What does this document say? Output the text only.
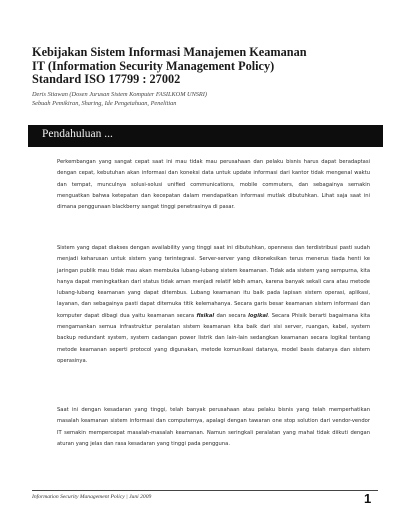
Kebijakan Sistem Informasi Manajemen Keamanan
IT (Information Security Management Policy)
Standard ISO 17799 : 27002
Deris Stiawan (Dosen Jurusan Sistem Komputer FASILKOM UNSRI)
Sebuah Pemikiran, Sharing, Ide Pengetahuan, Penelitian
Pendahuluan ...
Perkembangan yang sangat cepat saat ini mau tidak mau perusahaan dan pelaku bisnis harus dapat beradaptasi dengan cepat, kebutuhan akan informasi dan koneksi data untuk update informasi dari kantor tidak mengenal waktu dan tempat, munculnya solusi-solusi unified communications, mobile commuters, dan sebagainya semakin menguatkan bahwa ketepatan dan kecepatan dalam mendapatkan informasi mutlak dibutuhkan. Lihat saja saat ini dimana penggunaan blackberry sangat tinggi penetrasinya di pasar.
Sistem yang dapat diakses dengan availability yang tinggi saat ini dibutuhkan, openness dan terdistribusi pasti sudah menjadi keharusan untuk sistem yang terintegrasi. Server-server yang dikoneksikan terus menerus tiada henti ke jaringan publik mau tidak mau akan membuka lubang-lubang sistem keamanan. Tidak ada sistem yang sempurna, kita hanya dapat meningkatkan dari status tidak aman menjadi relatif lebih aman, karena banyak sekali cara atau metode lubang-lubang keamanan yang dapat ditembus. Lubang keamanan itu baik pada lapisan sistem operasi, aplikasi, layanan, dan sebagainya pasti dapat ditemuka titik kelemahanya. Secara garis besar keamanan sistem informasi dan komputer dapat dibagi dua yaitu keamanan secara fisikal dan secara logikal. Secara Phisik berarti bagaimana kita mengamankan semua infrastruktur peralatan sistem keamanan kita baik dari sisi server, ruangan, kabel, system backup redundant system, system cadangan power listrik dan lain-lain sedangkan keamanan secara logikal tentang metode keamanan seperti protocol yang digunakan, metode komunikasi datanya, model basis datanya dan sistem operasinya.
Saat ini dengan kesadaran yang tinggi, telah banyak perusahaan atau pelaku bisnis yang telah memperhatikan masalah keamanan sistem informasi dan computernya, apalagi dengan tawaran one stop solution dari vendor-vendor IT semakin mempercepat masalah-masalah keamanan. Namun seringkali peralatan yang mahal tidak diikuti dengan aturan yang jelas dan rasa kesadaran yang tinggi pada pengguna.
Information Security Management Policy | Juni 2009	1
